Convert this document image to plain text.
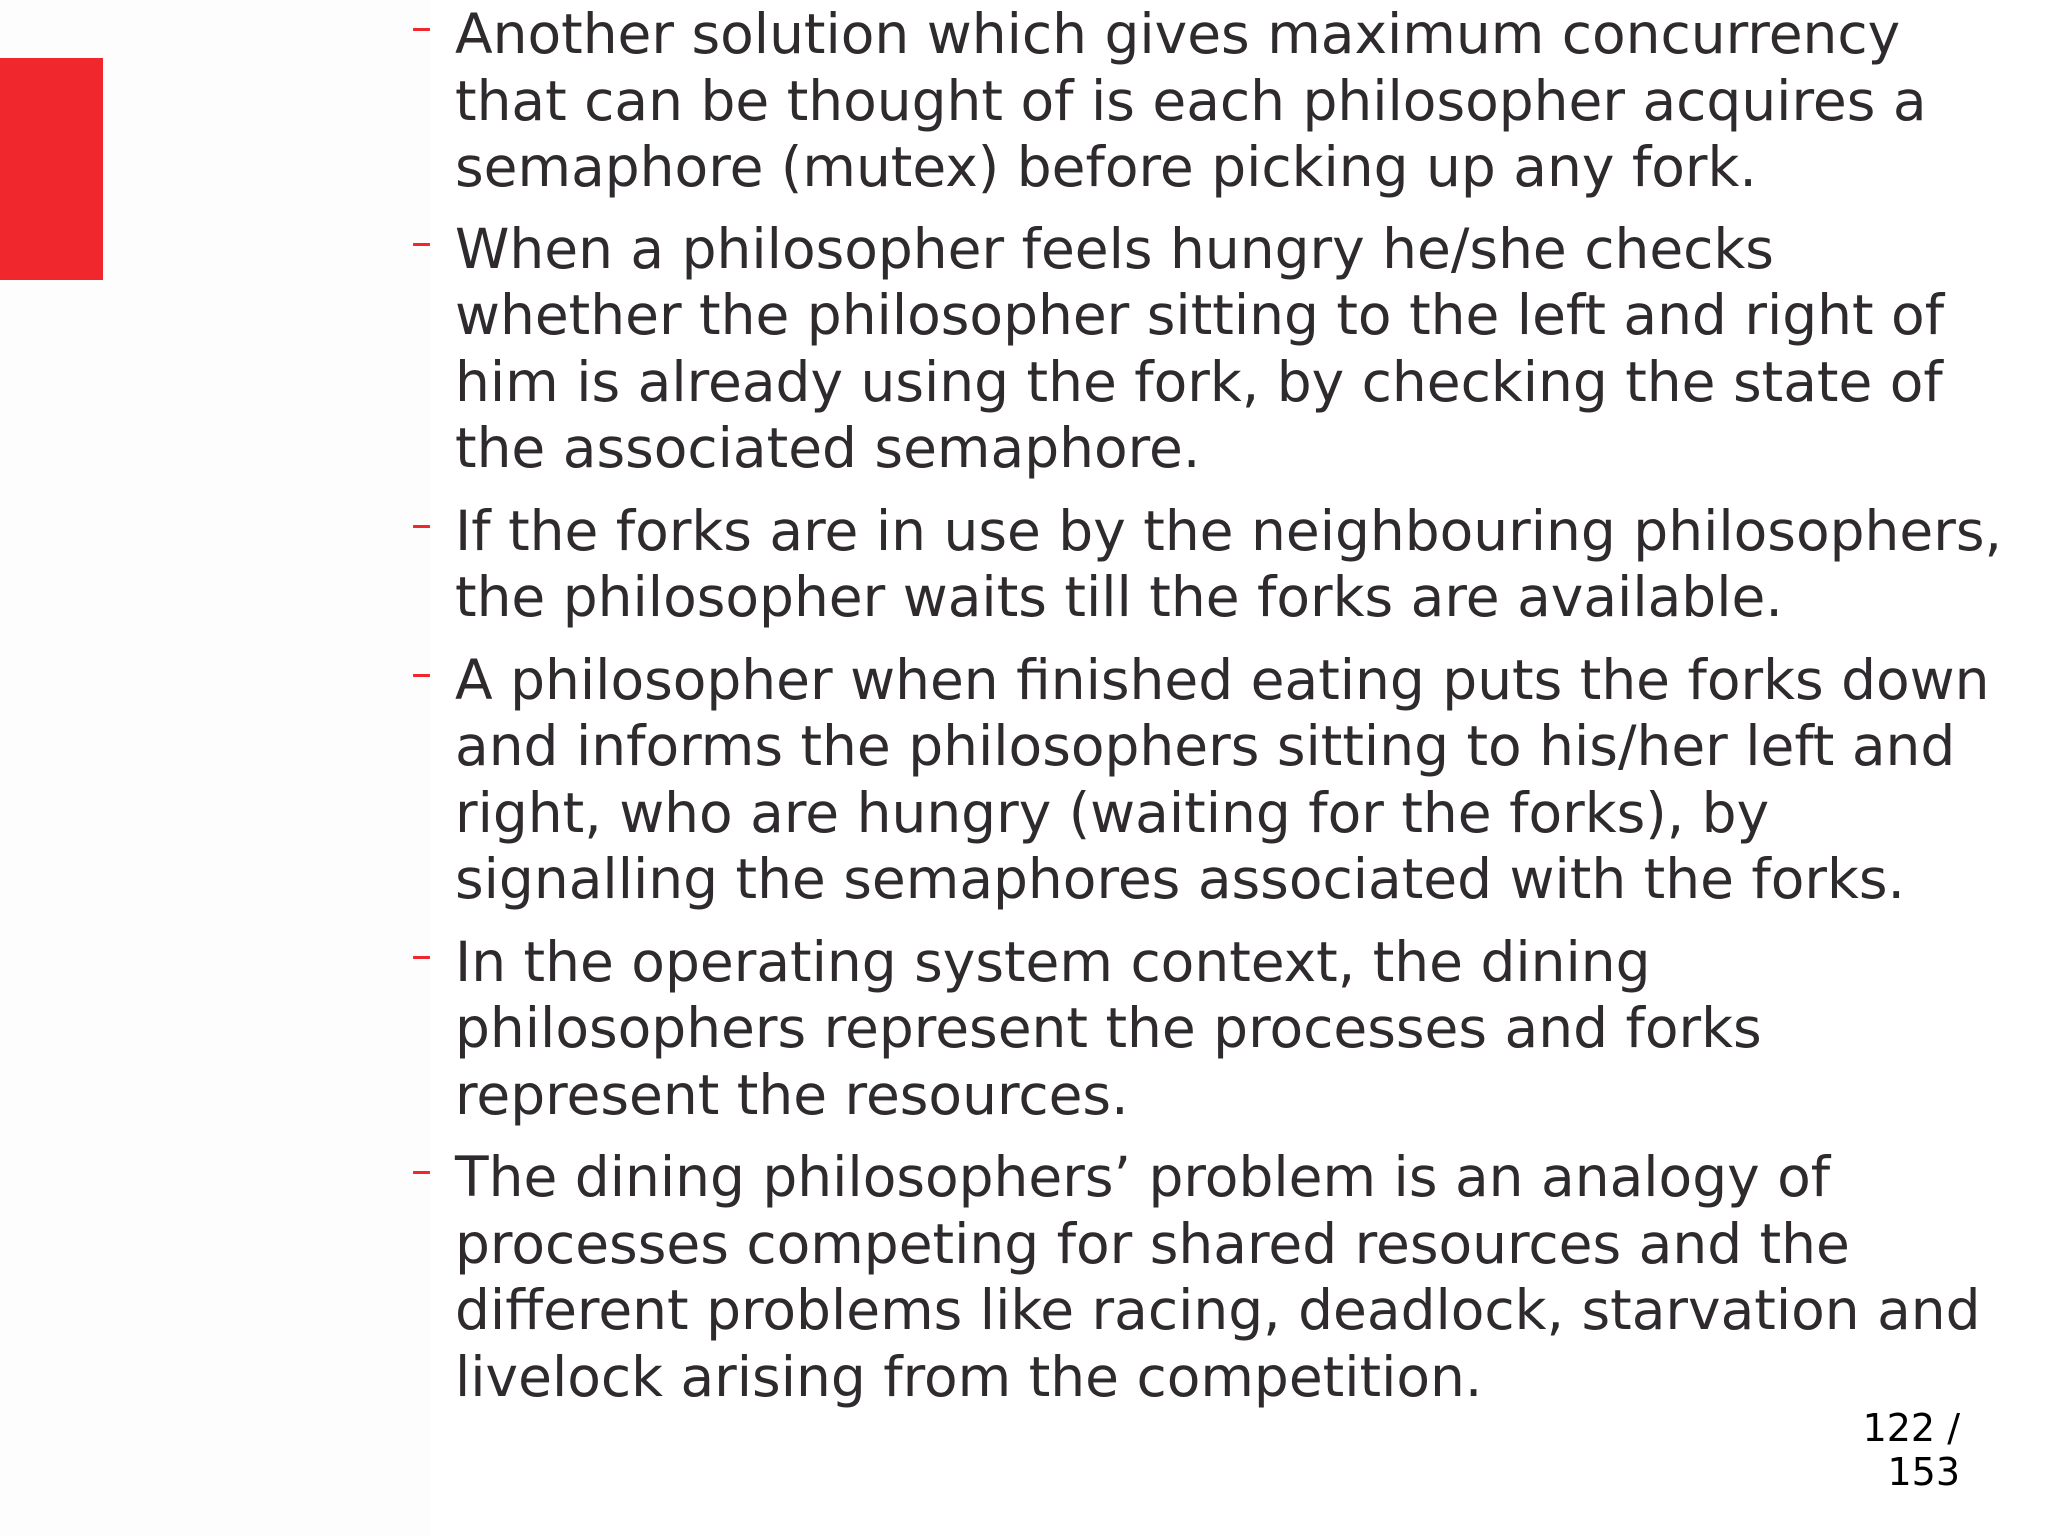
– Another solution which gives maximum concurrency
that can be thought of is each philosopher acquires a
semaphore (mutex) before picking up any fork.
– When a philosopher feels hungry he/she checks
whether the philosopher sitting to the left and right of
him is already using the fork, by checking the state of
the associated semaphore.
– If the forks are in use by the neighbouring philosophers,
the philosopher waits till the forks are available.
– A philosopher when finished eating puts the forks down
and informs the philosophers sitting to his/her left and
right, who are hungry (waiting for the forks), by
signalling the semaphores associated with the forks.
– In the operating system context, the dining
philosophers represent the processes and forks
represent the resources.
– The dining philosophers’ problem is an analogy of
processes competing for shared resources and the
different problems like racing, deadlock, starvation and
livelock arising from the competition.
122 / 153
